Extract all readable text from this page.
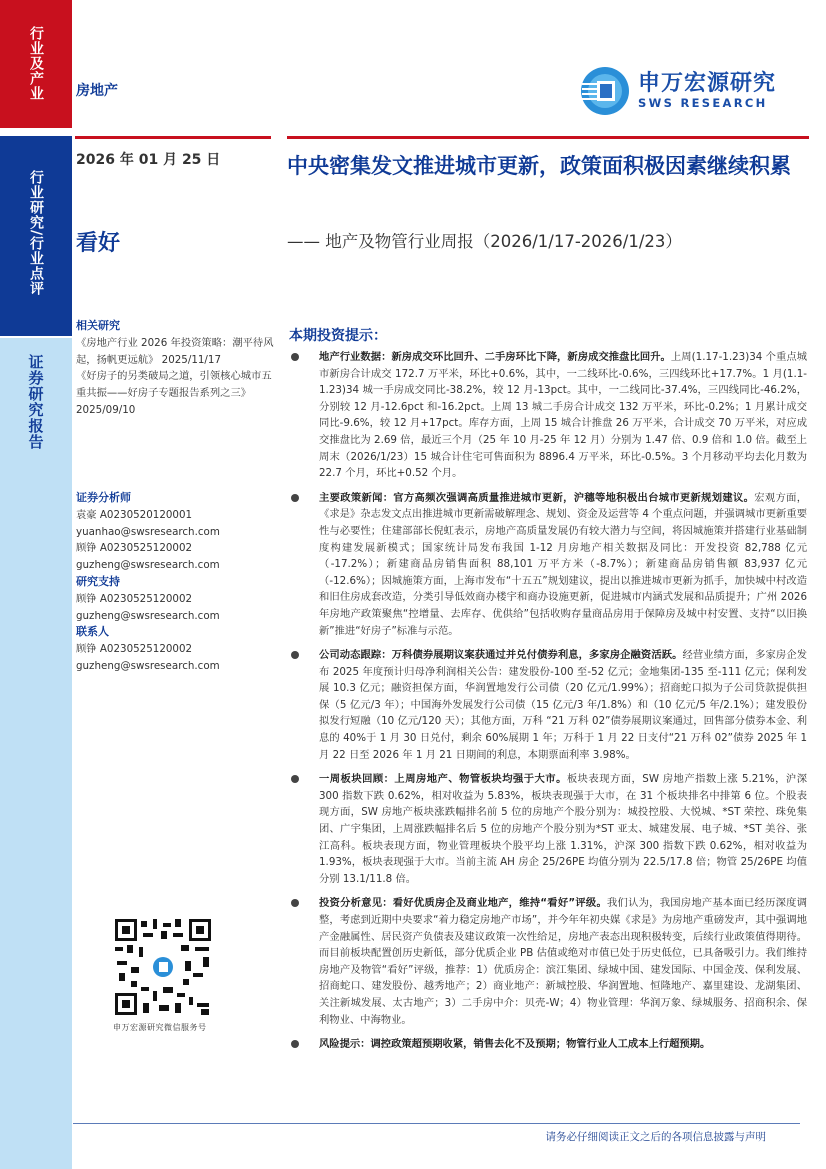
行业及产业
行业研究/行业点评
证券研究报告
房地产	申万宏源研究
SWS RESEARCH
2026 年 01 月 25 日
看好
中央密集发文推进城市更新，政策面积极因素继续积累
—— 地产及物管行业周报（2026/1/17-2026/1/23）
相关研究
《房地产行业 2026 年投资策略：潮平待风起，扬帆更远航》 2025/11/17
《好房子的另类破局之道，引领核心城市五重共振——好房子专题报告系列之三》 2025/09/10
证券分析师
袁豪 A0230520120001
yuanhao@swsresearch.com
顾铮 A0230525120002
guzheng@swsresearch.com
研究支持
顾铮 A0230525120002
guzheng@swsresearch.com
联系人
顾铮 A0230525120002
guzheng@swsresearch.com
申万宏源研究微信服务号
本期投资提示：
地产行业数据：新房成交环比回升、二手房环比下降，新房成交推盘比回升。上周(1.17-1.23)34 个重点城市新房合计成交 172.7 万平米，环比+0.6%，其中，一二线环比-0.6%，三四线环比+17.7%。1 月(1.1-1.23)34 城一手房成交同比-38.2%，较 12 月-13pct。其中，一二线同比-37.4%，三四线同比-46.2%，分别较 12 月-12.6pct 和-16.2pct。上周 13 城二手房合计成交 132 万平米，环比-0.2%；1 月累计成交同比-9.6%，较 12 月+17pct。库存方面，上周 15 城合计推盘 26 万平米，合计成交 70 万平米，对应成交推盘比为 2.69 倍，最近三个月（25 年 10 月-25 年 12 月）分别为 1.47 倍、0.9 倍和 1.0 倍。截至上周末（2026/1/23）15 城合计住宅可售面积为 8896.4 万平米，环比-0.5%。3 个月移动平均去化月数为 22.7 个月，环比+0.52 个月。
主要政策新闻：官方高频次强调高质量推进城市更新，沪穗等地积极出台城市更新规划建议。宏观方面，《求是》杂志发文点出推进城市更新需破解理念、规划、资金及运营等 4 个重点问题，并强调城市更新重要性与必要性；住建部部长倪虹表示，房地产高质量发展仍有较大潜力与空间，将因城施策并搭建行业基础制度构建发展新模式；国家统计局发布我国 1-12 月房地产相关数据及同比：开发投资 82,788 亿元（-17.2%）；新建商品房销售面积 88,101 万平方米（-8.7%）；新建商品房销售额 83,937 亿元（-12.6%）；因城施策方面，上海市发布“十五五”规划建议，提出以推进城市更新为抓手，加快城中村改造和旧住房成套改造，分类引导低效商办楼宇和商办设施更新，促进城市内涵式发展和品质提升；广州 2026 年房地产政策聚焦“控增量、去库存、优供给”包括收购存量商品房用于保障房及城中村安置、支持“以旧换新”推进“好房子”标准与示范。
公司动态跟踪：万科债券展期议案获通过并兑付债券利息，多家房企融资活跃。经营业绩方面，多家房企发布 2025 年度预计归母净利润相关公告：建发股份-100 至-52 亿元；金地集团-135 至-111 亿元；保利发展 10.3 亿元；融资担保方面，华润置地发行公司债（20 亿元/1.99%）；招商蛇口拟为子公司贷款提供担保（5 亿元/3 年）；中国海外发展发行公司债（15 亿元/3 年/1.8%）和（10 亿元/5 年/2.1%）；建发股份拟发行短融（10 亿元/120 天）；其他方面，万科 “21 万科 02”债券展期议案通过，回售部分债券本金、利息的 40%于 1 月 30 日兑付，剩余 60%展期 1 年；万科于 1 月 22 日支付“21 万科 02”债券 2025 年 1 月 22 日至 2026 年 1 月 21 日期间的利息，本期票面利率 3.98%。
一周板块回顾：上周房地产、物管板块均强于大市。板块表现方面，SW 房地产指数上涨 5.21%，沪深 300 指数下跌 0.62%，相对收益为 5.83%，板块表现强于大市，在 31 个板块排名中排第 6 位。个股表现方面，SW 房地产板块涨跌幅排名前 5 位的房地产个股分别为：城投控股、大悦城、*ST 荣控、珠免集团、广宇集团，上周涨跌幅排名后 5 位的房地产个股分别为*ST 亚太、城建发展、电子城、*ST 美谷、张江高科。板块表现方面，物业管理板块个股平均上涨 1.31%，沪深 300 指数下跌 0.62%，相对收益为 1.93%，板块表现强于大市。当前主流 AH 房企 25/26PE 均值分别为 22.5/17.8 倍；物管 25/26PE 均值分别 13.1/11.8 倍。
投资分析意见：看好优质房企及商业地产，维持“看好”评级。我们认为，我国房地产基本面已经历深度调整，考虑到近期中央要求“着力稳定房地产市场”，并今年年初央媒《求是》为房地产重磅发声，其中强调地产金融属性、居民资产负债表及建议政策一次性给足，房地产表态出现积极转变，后续行业政策值得期待。而目前板块配置创历史新低，部分优质企业 PB 估值或绝对市值已处于历史低位，已具备吸引力。我们维持房地产及物管“看好”评级，推荐：1）优质房企：滨江集团、绿城中国、建发国际、中国金茂、保利发展、招商蛇口、建发股份、越秀地产；2）商业地产：新城控股、华润置地、恒隆地产、嘉里建设、龙湖集团、关注新城发展、太古地产；3）二手房中介：贝壳-W；4）物业管理：华润万象、绿城服务、招商积余、保利物业、中海物业。
风险提示：调控政策超预期收紧，销售去化不及预期；物管行业人工成本上行超预期。
请务必仔细阅读正文之后的各项信息披露与声明
